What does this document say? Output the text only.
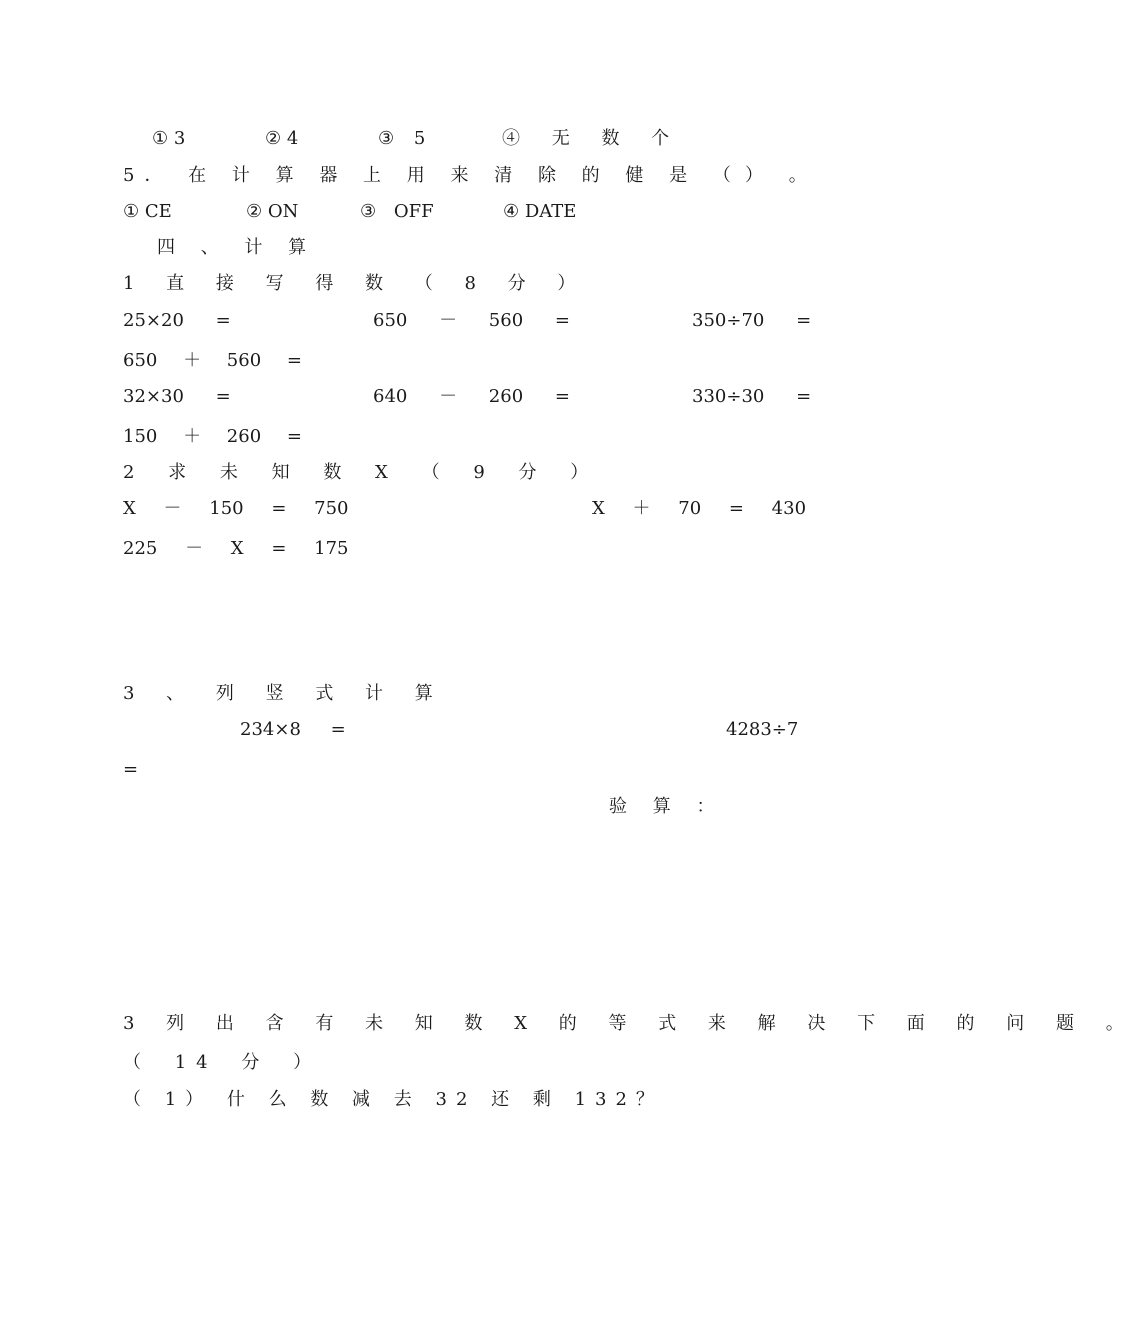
① 3	② 4	③ 5	④ 无 数 个
5． 在 计 算 器 上 用 来 清 除 的 健 是 （ ） 。
① CE	② ON	③ OFF	④ DATE
四 、 计 算
1 直 接 写 得 数 （ 8 分 ）
25×20 =	650 － 560 =	350÷70 =
650 ＋ 560 =
32×30 =	640 － 260 =	330÷30 =
150 ＋ 260 =
2 求 未 知 数 X （ 9 分 ）
X － 150 = 750	X ＋ 70 = 430
225 － X = 175
3 、 列 竖 式 计 算
234×8 =	4283÷7
=
验 算 ：
3 列 出 含 有 未 知 数 X 的 等 式 来 解 决 下 面 的 问 题 。
（ 14 分 ）
（ 1） 什 么 数 减 去 32 还 剩 132？
